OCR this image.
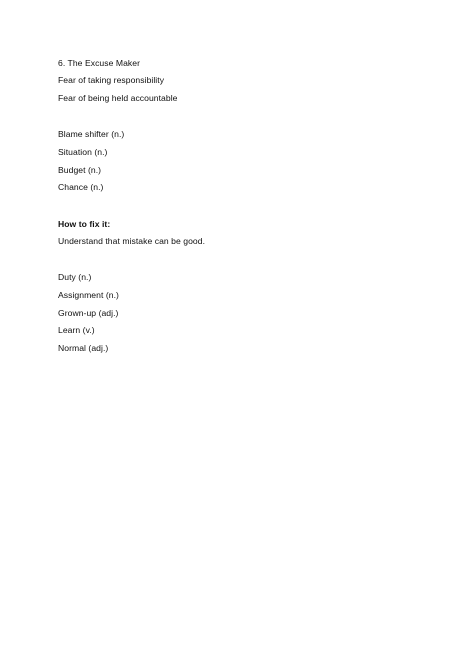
6. The Excuse Maker
Fear of taking responsibility
Fear of being held accountable
Blame shifter (n.)
Situation (n.)
Budget (n.)
Chance (n.)
How to fix it:
Understand that mistake can be good.
Duty (n.)
Assignment (n.)
Grown-up (adj.)
Learn (v.)
Normal (adj.)
